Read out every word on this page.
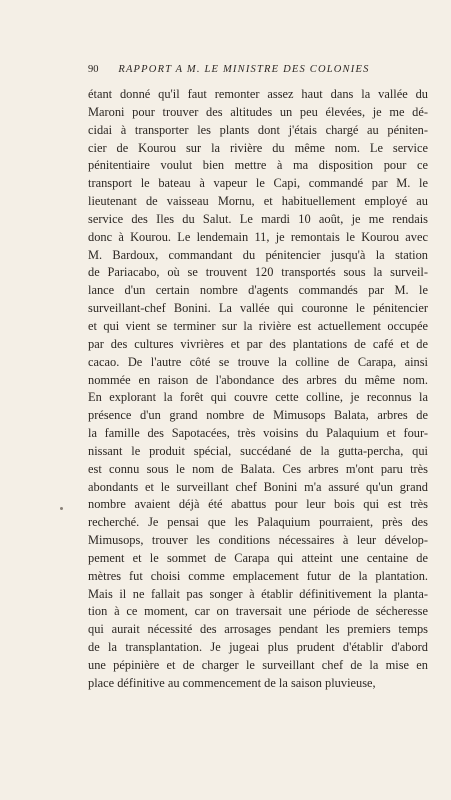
90 RAPPORT A M. LE MINISTRE DES COLONIES
étant donné qu'il faut remonter assez haut dans la vallée du
Maroni pour trouver des altitudes un peu élevées, je me dé-
cidai à transporter les plants dont j'étais chargé au péniten-
cier de Kourou sur la rivière du même nom. Le service
pénitentiaire voulut bien mettre à ma disposition pour ce
transport le bateau à vapeur le Capi, commandé par M. le
lieutenant de vaisseau Mornu, et habituellement employé au
service des Iles du Salut. Le mardi 10 août, je me rendais
donc à Kourou. Le lendemain 11, je remontais le Kourou avec
M. Bardoux, commandant du pénitencier jusqu'à la station
de Pariacabo, où se trouvent 120 transportés sous la surveil-
lance d'un certain nombre d'agents commandés par M. le
surveillant-chef Bonini. La vallée qui couronne le pénitencier
et qui vient se terminer sur la rivière est actuellement occupée
par des cultures vivrières et par des plantations de café et de
cacao. De l'autre côté se trouve la colline de Carapa, ainsi
nommée en raison de l'abondance des arbres du même nom.
En explorant la forêt qui couvre cette colline, je reconnus la
présence d'un grand nombre de Mimusops Balata, arbres de
la famille des Sapotacées, très voisins du Palaquium et four-
nissant le produit spécial, succédané de la gutta-percha, qui
est connu sous le nom de Balata. Ces arbres m'ont paru très
abondants et le surveillant chef Bonini m'a assuré qu'un grand
nombre avaient déjà été abattus pour leur bois qui est très
recherché. Je pensai que les Palaquium pourraient, près des
Mimusops, trouver les conditions nécessaires à leur dévelop-
pement et le sommet de Carapa qui atteint une centaine de
mètres fut choisi comme emplacement futur de la plantation.
Mais il ne fallait pas songer à établir définitivement la planta-
tion à ce moment, car on traversait une période de sécheresse
qui aurait nécessité des arrosages pendant les premiers temps
de la transplantation. Je jugeai plus prudent d'établir d'abord
une pépinière et de charger le surveillant chef de la mise en
place définitive au commencement de la saison pluvieuse,
